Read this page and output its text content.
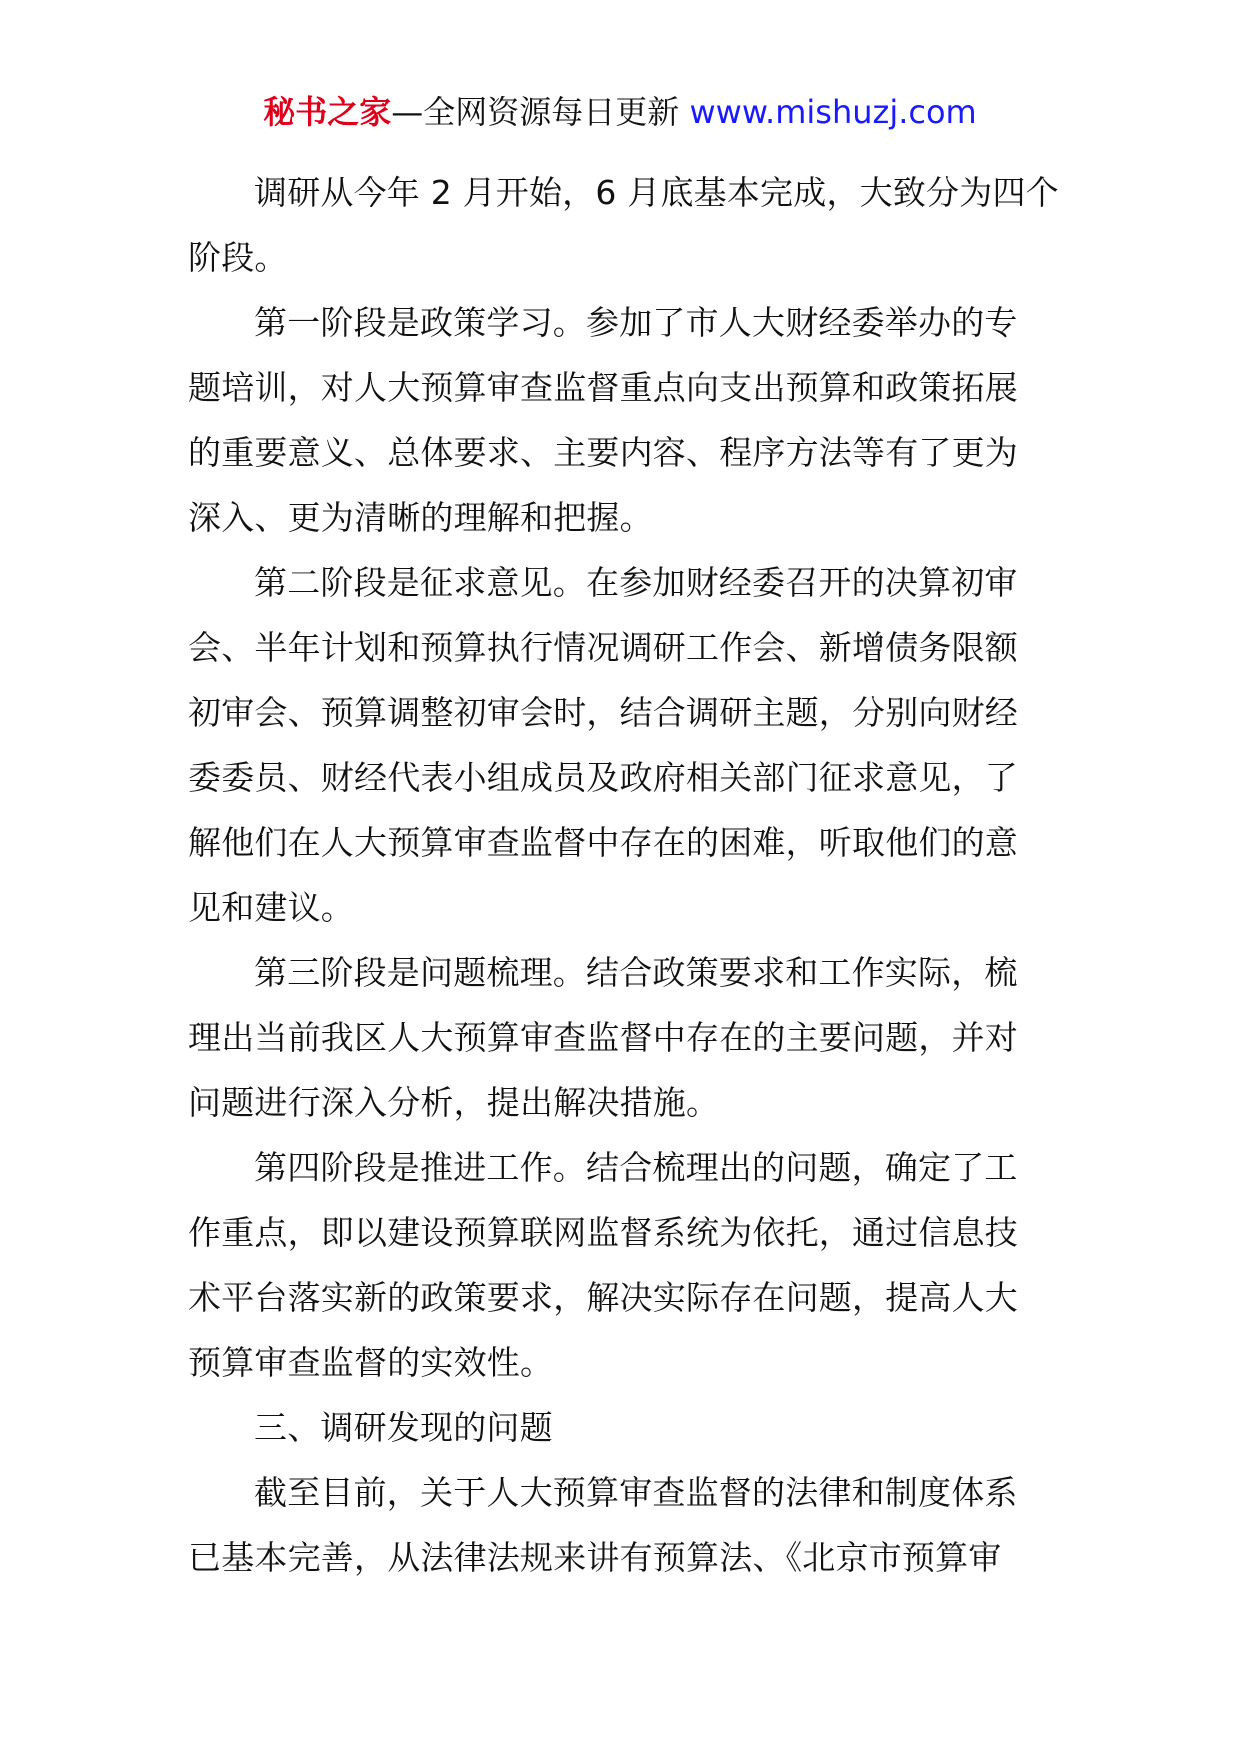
秘书之家—全网资源每日更新 www.mishuzj.com

调研从今年 2 月开始，6 月底基本完成，大致分为四个
阶段。

第一阶段是政策学习。参加了市人大财经委举办的专
题培训，对人大预算审查监督重点向支出预算和政策拓展
的重要意义、总体要求、主要内容、程序方法等有了更为
深入、更为清晰的理解和把握。

第二阶段是征求意见。在参加财经委召开的决算初审
会、半年计划和预算执行情况调研工作会、新增债务限额
初审会、预算调整初审会时，结合调研主题，分别向财经
委委员、财经代表小组成员及政府相关部门征求意见，了
解他们在人大预算审查监督中存在的困难，听取他们的意
见和建议。

第三阶段是问题梳理。结合政策要求和工作实际，梳
理出当前我区人大预算审查监督中存在的主要问题，并对
问题进行深入分析，提出解决措施。

第四阶段是推进工作。结合梳理出的问题，确定了工
作重点，即以建设预算联网监督系统为依托，通过信息技
术平台落实新的政策要求，解决实际存在问题，提高人大
预算审查监督的实效性。

三、调研发现的问题

截至目前，关于人大预算审查监督的法律和制度体系
已基本完善，从法律法规来讲有预算法、《北京市预算审
